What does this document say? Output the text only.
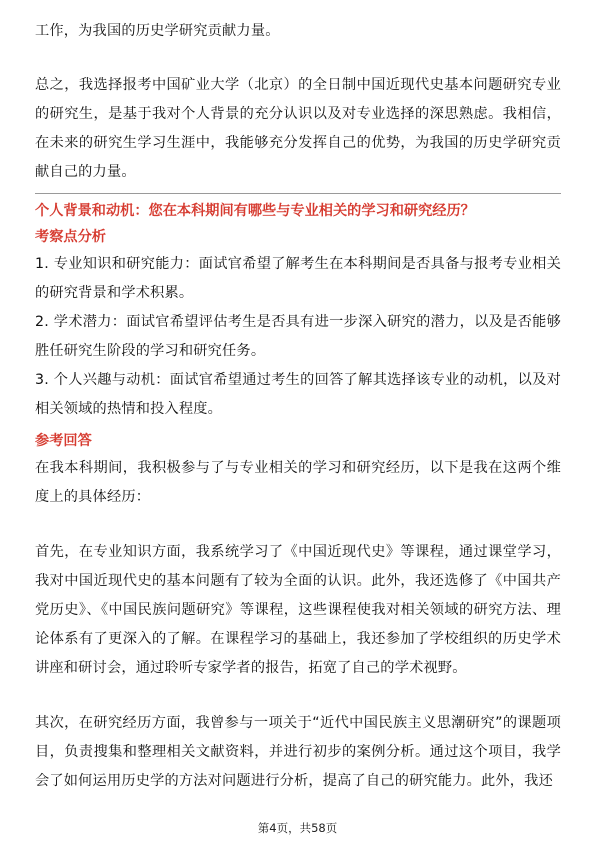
工作，为我国的历史学研究贡献力量。

总之，我选择报考中国矿业大学（北京）的全日制中国近现代史基本问题研究专业的研究生，是基于我对个人背景的充分认识以及对专业选择的深思熟虑。我相信，在未来的研究生学习生涯中，我能够充分发挥自己的优势，为我国的历史学研究贡献自己的力量。

个人背景和动机：您在本科期间有哪些与专业相关的学习和研究经历？

考察点分析

1. 专业知识和研究能力：面试官希望了解考生在本科期间是否具备与报考专业相关的研究背景和学术积累。

2. 学术潜力：面试官希望评估考生是否具有进一步深入研究的潜力，以及是否能够胜任研究生阶段的学习和研究任务。

3. 个人兴趣与动机：面试官希望通过考生的回答了解其选择该专业的动机，以及对相关领域的热情和投入程度。

参考回答

在我本科期间，我积极参与了与专业相关的学习和研究经历，以下是我在这两个维度上的具体经历：

首先，在专业知识方面，我系统学习了《中国近现代史》等课程，通过课堂学习，我对中国近现代史的基本问题有了较为全面的认识。此外，我还选修了《中国共产党历史》、《中国民族问题研究》等课程，这些课程使我对相关领域的研究方法、理论体系有了更深入的了解。在课程学习的基础上，我还参加了学校组织的历史学术讲座和研讨会，通过聆听专家学者的报告，拓宽了自己的学术视野。

其次，在研究经历方面，我曾参与一项关于“近代中国民族主义思潮研究”的课题项目，负责搜集和整理相关文献资料，并进行初步的案例分析。通过这个项目，我学会了如何运用历史学的方法对问题进行分析，提高了自己的研究能力。此外，我还

第4页，共58页
